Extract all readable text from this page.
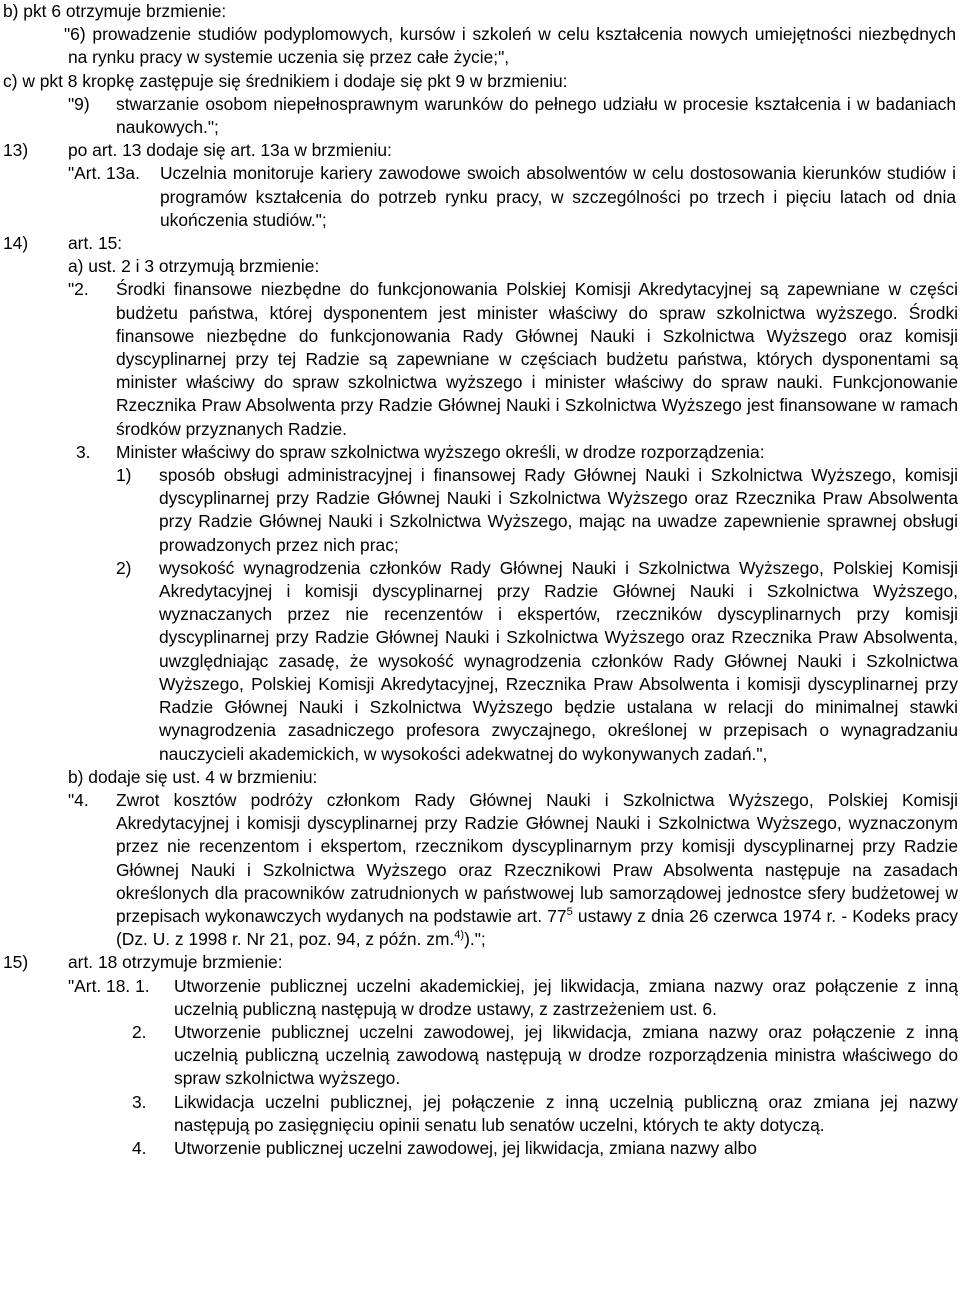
b) pkt 6 otrzymuje brzmienie:
"6) prowadzenie studiów podyplomowych, kursów i szkoleń w celu kształcenia nowych umiejętności niezbędnych na rynku pracy w systemie uczenia się przez całe życie;",
c) w pkt 8 kropkę zastępuje się średnikiem i dodaje się pkt 9 w brzmieniu:
"9) stwarzanie osobom niepełnosprawnym warunków do pełnego udziału w procesie kształcenia i w badaniach naukowych.";
13) po art. 13 dodaje się art. 13a w brzmieniu:
"Art. 13a. Uczelnia monitoruje kariery zawodowe swoich absolwentów w celu dostosowania kierunków studiów i programów kształcenia do potrzeb rynku pracy, w szczególności po trzech i pięciu latach od dnia ukończenia studiów.";
14) art. 15:
a) ust. 2 i 3 otrzymują brzmienie:
"2. Środki finansowe niezbędne do funkcjonowania Polskiej Komisji Akredytacyjnej są zapewniane w części budżetu państwa, której dysponentem jest minister właściwy do spraw szkolnictwa wyższego. Środki finansowe niezbędne do funkcjonowania Rady Głównej Nauki i Szkolnictwa Wyższego oraz komisji dyscyplinarnej przy tej Radzie są zapewniane w częściach budżetu państwa, których dysponentami są minister właściwy do spraw szkolnictwa wyższego i minister właściwy do spraw nauki. Funkcjonowanie Rzecznika Praw Absolwenta przy Radzie Głównej Nauki i Szkolnictwa Wyższego jest finansowane w ramach środków przyznanych Radzie.
3. Minister właściwy do spraw szkolnictwa wyższego określi, w drodze rozporządzenia:
1) sposób obsługi administracyjnej i finansowej Rady Głównej Nauki i Szkolnictwa Wyższego, komisji dyscyplinarnej przy Radzie Głównej Nauki i Szkolnictwa Wyższego oraz Rzecznika Praw Absolwenta przy Radzie Głównej Nauki i Szkolnictwa Wyższego, mając na uwadze zapewnienie sprawnej obsługi prowadzonych przez nich prac;
2) wysokość wynagrodzenia członków Rady Głównej Nauki i Szkolnictwa Wyższego, Polskiej Komisji Akredytacyjnej i komisji dyscyplinarnej przy Radzie Głównej Nauki i Szkolnictwa Wyższego, wyznaczanych przez nie recenzentów i ekspertów, rzeczników dyscyplinarnych przy komisji dyscyplinarnej przy Radzie Głównej Nauki i Szkolnictwa Wyższego oraz Rzecznika Praw Absolwenta, uwzględniając zasadę, że wysokość wynagrodzenia członków Rady Głównej Nauki i Szkolnictwa Wyższego, Polskiej Komisji Akredytacyjnej, Rzecznika Praw Absolwenta i komisji dyscyplinarnej przy Radzie Głównej Nauki i Szkolnictwa Wyższego będzie ustalana w relacji do minimalnej stawki wynagrodzenia zasadniczego profesora zwyczajnego, określonej w przepisach o wynagradzaniu nauczycieli akademickich, w wysokości adekwatnej do wykonywanych zadań.",
b) dodaje się ust. 4 w brzmieniu:
"4. Zwrot kosztów podróży członkom Rady Głównej Nauki i Szkolnictwa Wyższego, Polskiej Komisji Akredytacyjnej i komisji dyscyplinarnej przy Radzie Głównej Nauki i Szkolnictwa Wyższego, wyznaczonym przez nie recenzentom i ekspertom, rzecznikom dyscyplinarnym przy komisji dyscyplinarnej przy Radzie Głównej Nauki i Szkolnictwa Wyższego oraz Rzecznikowi Praw Absolwenta następuje na zasadach określonych dla pracowników zatrudnionych w państwowej lub samorządowej jednostce sfery budżetowej w przepisach wykonawczych wydanych na podstawie art. $77^5$ ustawy z dnia 26 czerwca 1974 r. - Kodeks pracy (Dz. U. z 1998 r. Nr 21, poz. 94, z późn. zm.$^{4)}$).";
15) art. 18 otrzymuje brzmienie:
"Art. 18. 1. Utworzenie publicznej uczelni akademickiej, jej likwidacja, zmiana nazwy oraz połączenie z inną uczelnią publiczną następują w drodze ustawy, z zastrzeżeniem ust. 6.
2. Utworzenie publicznej uczelni zawodowej, jej likwidacja, zmiana nazwy oraz połączenie z inną uczelnią publiczną uczelnią zawodową następują w drodze rozporządzenia ministra właściwego do spraw szkolnictwa wyższego.
3. Likwidacja uczelni publicznej, jej połączenie z inną uczelnią publiczną oraz zmiana jej nazwy następują po zasięgnięciu opinii senatu lub senatów uczelni, których te akty dotyczą.
4. Utworzenie publicznej uczelni zawodowej, jej likwidacja, zmiana nazwy albo
